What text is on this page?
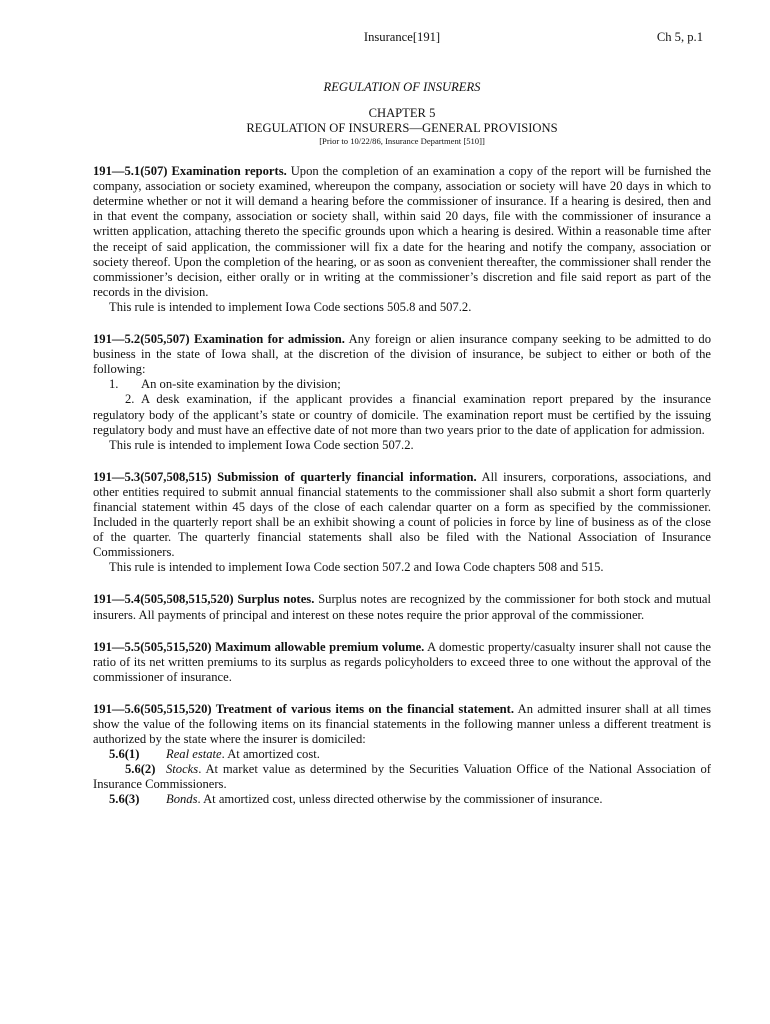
Insurance[191]	Ch 5, p.1
REGULATION OF INSURERS
CHAPTER 5
REGULATION OF INSURERS—GENERAL PROVISIONS
[Prior to 10/22/86, Insurance Department [510]]

191—5.1(507) Examination reports. Upon the completion of an examination a copy of the report will be furnished the company, association or society examined, whereupon the company, association or society will have 20 days in which to determine whether or not it will demand a hearing before the commissioner of insurance. If a hearing is desired, then and in that event the company, association or society shall, within said 20 days, file with the commissioner of insurance a written application, attaching thereto the specific grounds upon which a hearing is desired. Within a reasonable time after the receipt of said application, the commissioner will fix a date for the hearing and notify the company, association or society thereof. Upon the completion of the hearing, or as soon as convenient thereafter, the commissioner shall render the commissioner’s decision, either orally or in writing at the commissioner’s discretion and file said report as part of the records in the division.

This rule is intended to implement Iowa Code sections 505.8 and 507.2.

191—5.2(505,507) Examination for admission. Any foreign or alien insurance company seeking to be admitted to do business in the state of Iowa shall, at the discretion of the division of insurance, be subject to either or both of the following:

1. An on-site examination by the division;

2. A desk examination, if the applicant provides a financial examination report prepared by the insurance regulatory body of the applicant’s state or country of domicile. The examination report must be certified by the issuing regulatory body and must have an effective date of not more than two years prior to the date of application for admission.

This rule is intended to implement Iowa Code section 507.2.

191—5.3(507,508,515) Submission of quarterly financial information. All insurers, corporations, associations, and other entities required to submit annual financial statements to the commissioner shall also submit a short form quarterly financial statement within 45 days of the close of each calendar quarter on a form as specified by the commissioner. Included in the quarterly report shall be an exhibit showing a count of policies in force by line of business as of the close of the quarter. The quarterly financial statements shall also be filed with the National Association of Insurance Commissioners.

This rule is intended to implement Iowa Code section 507.2 and Iowa Code chapters 508 and 515.

191—5.4(505,508,515,520) Surplus notes. Surplus notes are recognized by the commissioner for both stock and mutual insurers. All payments of principal and interest on these notes require the prior approval of the commissioner.

191—5.5(505,515,520) Maximum allowable premium volume. A domestic property/casualty insurer shall not cause the ratio of its net written premiums to its surplus as regards policyholders to exceed three to one without the approval of the commissioner of insurance.

191—5.6(505,515,520) Treatment of various items on the financial statement. An admitted insurer shall at all times show the value of the following items on its financial statements in the following manner unless a different treatment is authorized by the state where the insurer is domiciled:

5.6(1) Real estate. At amortized cost.

5.6(2) Stocks. At market value as determined by the Securities Valuation Office of the National Association of Insurance Commissioners.

5.6(3) Bonds. At amortized cost, unless directed otherwise by the commissioner of insurance.
